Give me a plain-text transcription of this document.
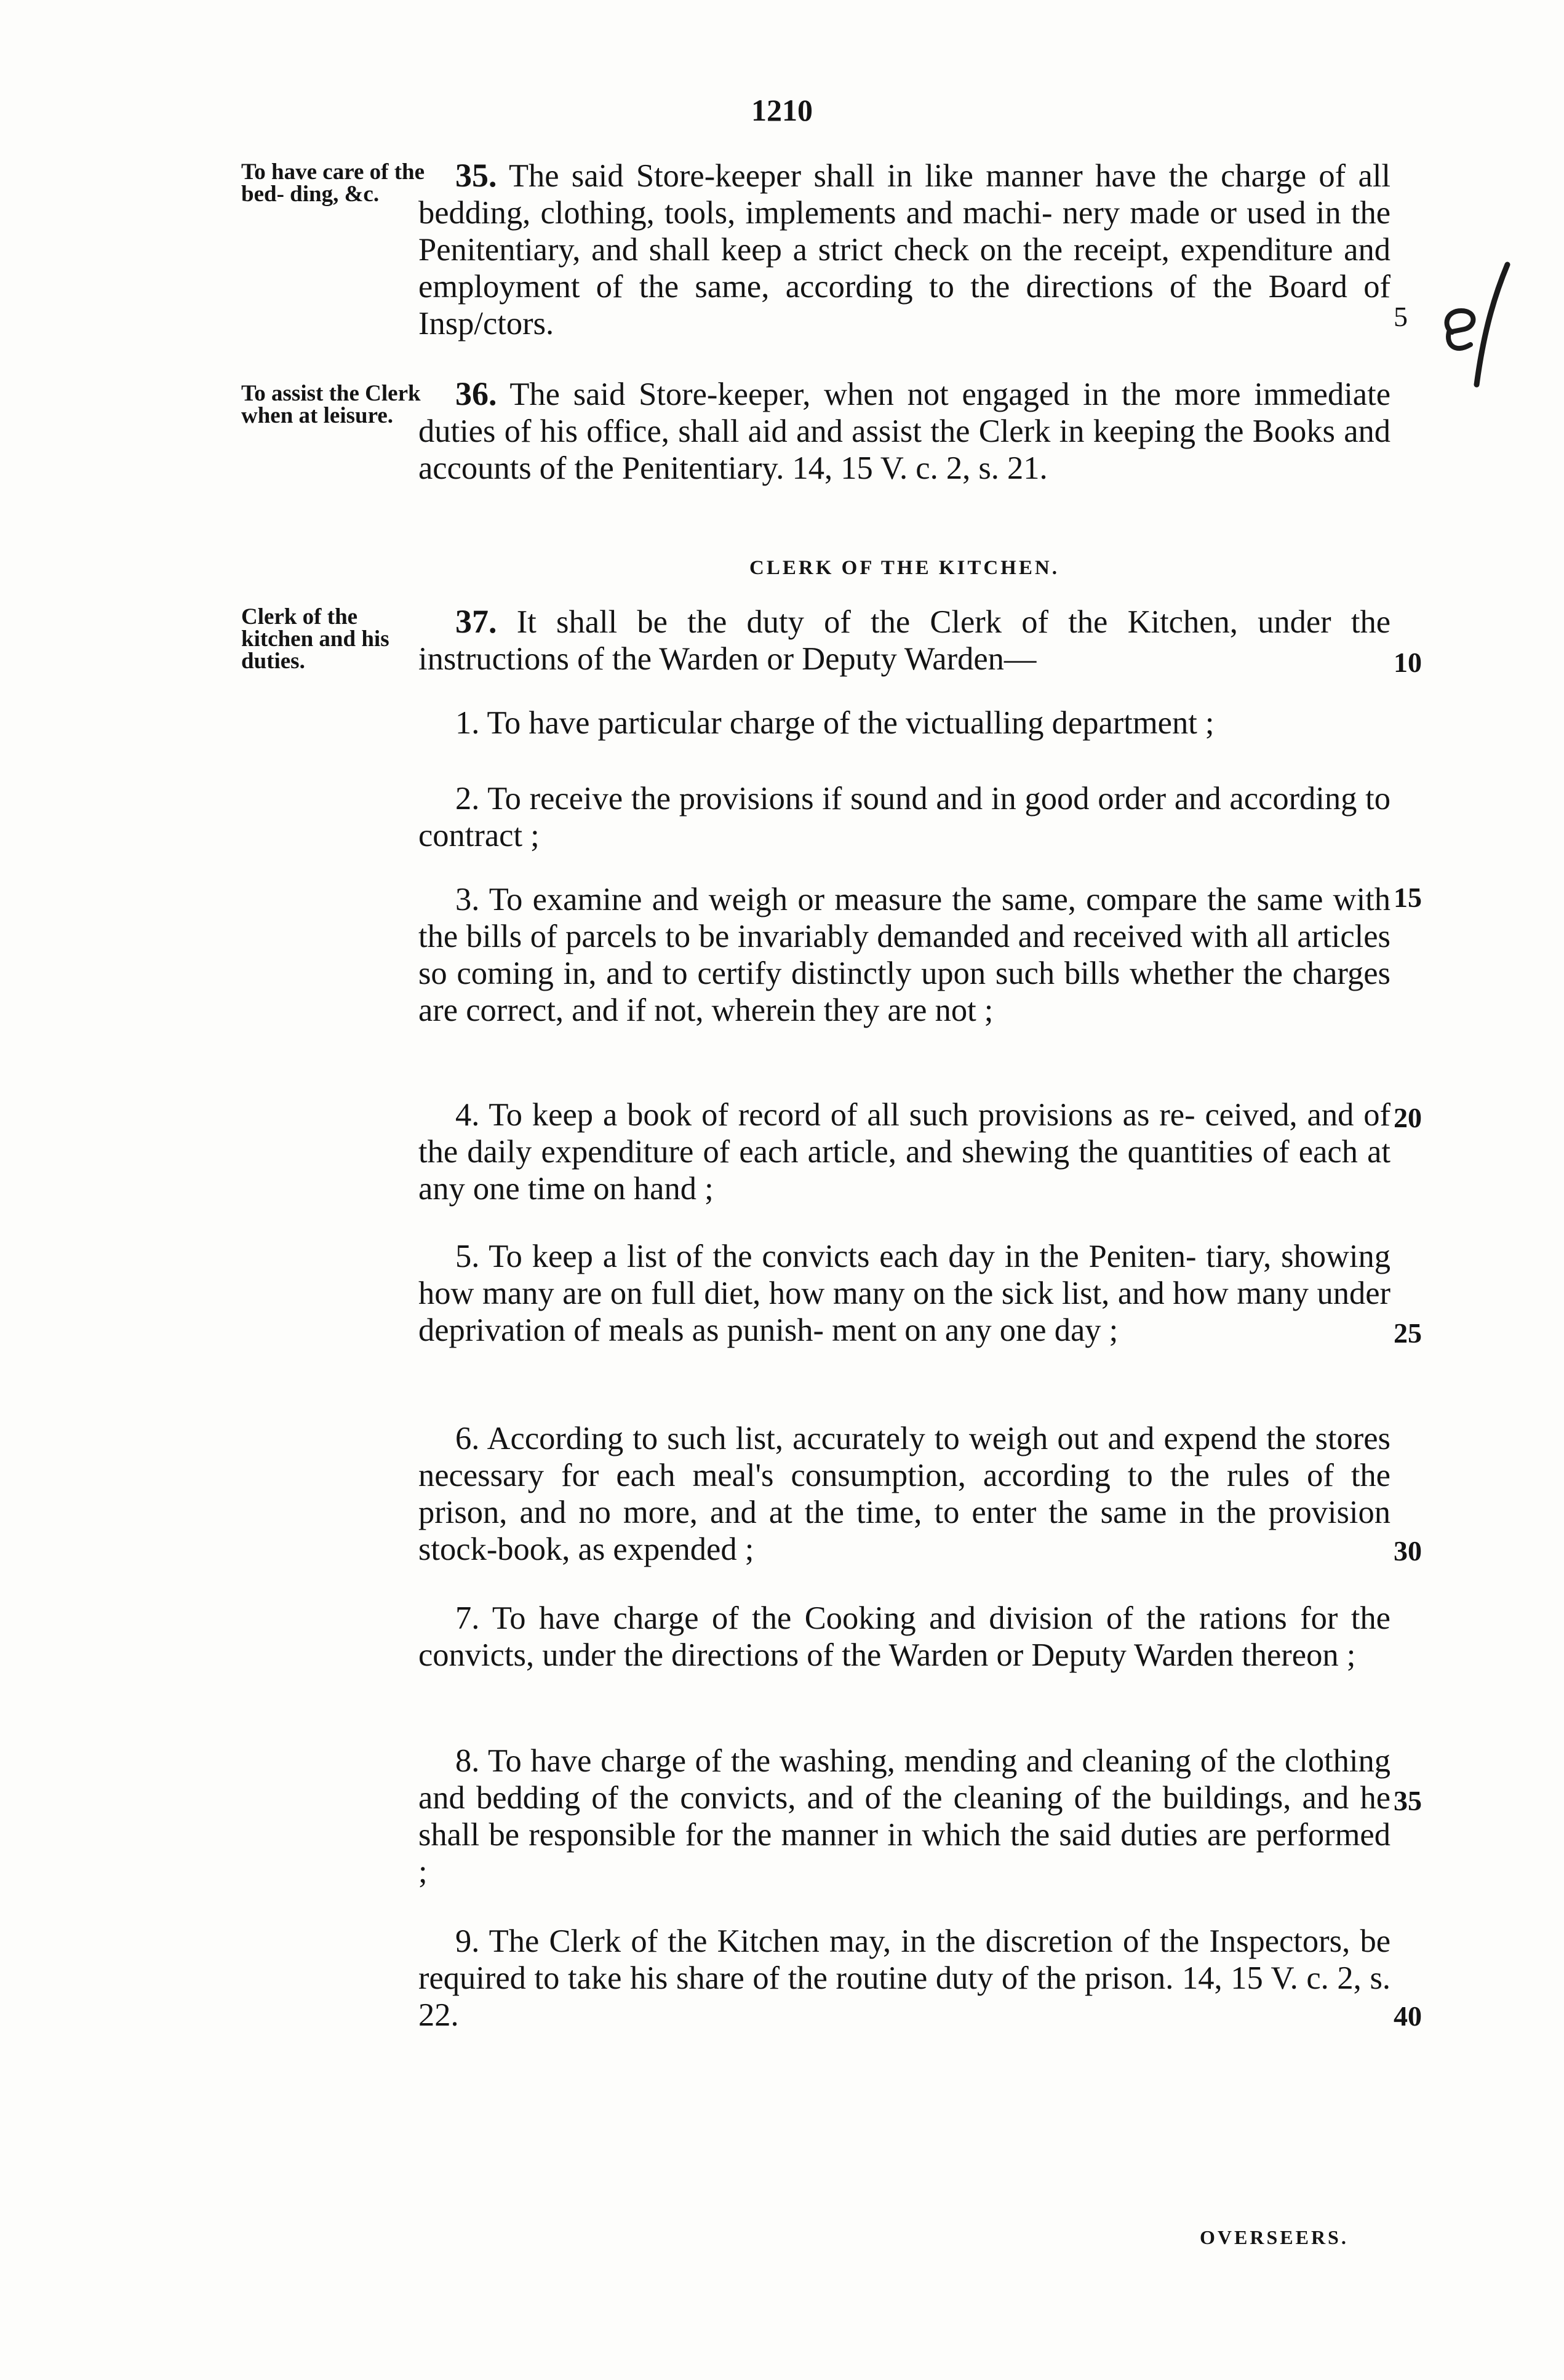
1210
To have care of the bed- ding, &c.
To assist the Clerk when at leisure.
Clerk of the kitchen and his duties.

35. The said Store-keeper shall in like manner have the charge of all bedding, clothing, tools, implements and machi- nery made or used in the Penitentiary, and shall keep a strict check on the receipt, expenditure and employment of the same, according to the directions of the Board of Insp/ctors.

36. The said Store-keeper, when not engaged in the more immediate duties of his office, shall aid and assist the Clerk in keeping the Books and accounts of the Penitentiary. 14, 15 V. c. 2, s. 21.

CLERK OF THE KITCHEN.

37. It shall be the duty of the Clerk of the Kitchen, under the instructions of the Warden or Deputy Warden—

1. To have particular charge of the victualling department ;
2. To receive the provisions if sound and in good order and according to contract ;
3. To examine and weigh or measure the same, compare the same with the bills of parcels to be invariably demanded and received with all articles so coming in, and to certify distinctly upon such bills whether the charges are correct, and if not, wherein they are not ;
4. To keep a book of record of all such provisions as re- ceived, and of the daily expenditure of each article, and shewing the quantities of each at any one time on hand ;
5. To keep a list of the convicts each day in the Peniten- tiary, showing how many are on full diet, how many on the sick list, and how many under deprivation of meals as punish- ment on any one day ;
6. According to such list, accurately to weigh out and expend the stores necessary for each meal's consumption, according to the rules of the prison, and no more, and at the time, to enter the same in the provision stock-book, as expended ;
7. To have charge of the Cooking and division of the rations for the convicts, under the directions of the Warden or Deputy Warden thereon ;
8. To have charge of the washing, mending and cleaning of the clothing and bedding of the convicts, and of the cleaning of the buildings, and he shall be responsible for the manner in which the said duties are performed ;
9. The Clerk of the Kitchen may, in the discretion of the Inspectors, be required to take his share of the routine duty of the prison. 14, 15 V. c. 2, s. 22.
5
10
15
20
25
30
35
40
OVERSEERS.
